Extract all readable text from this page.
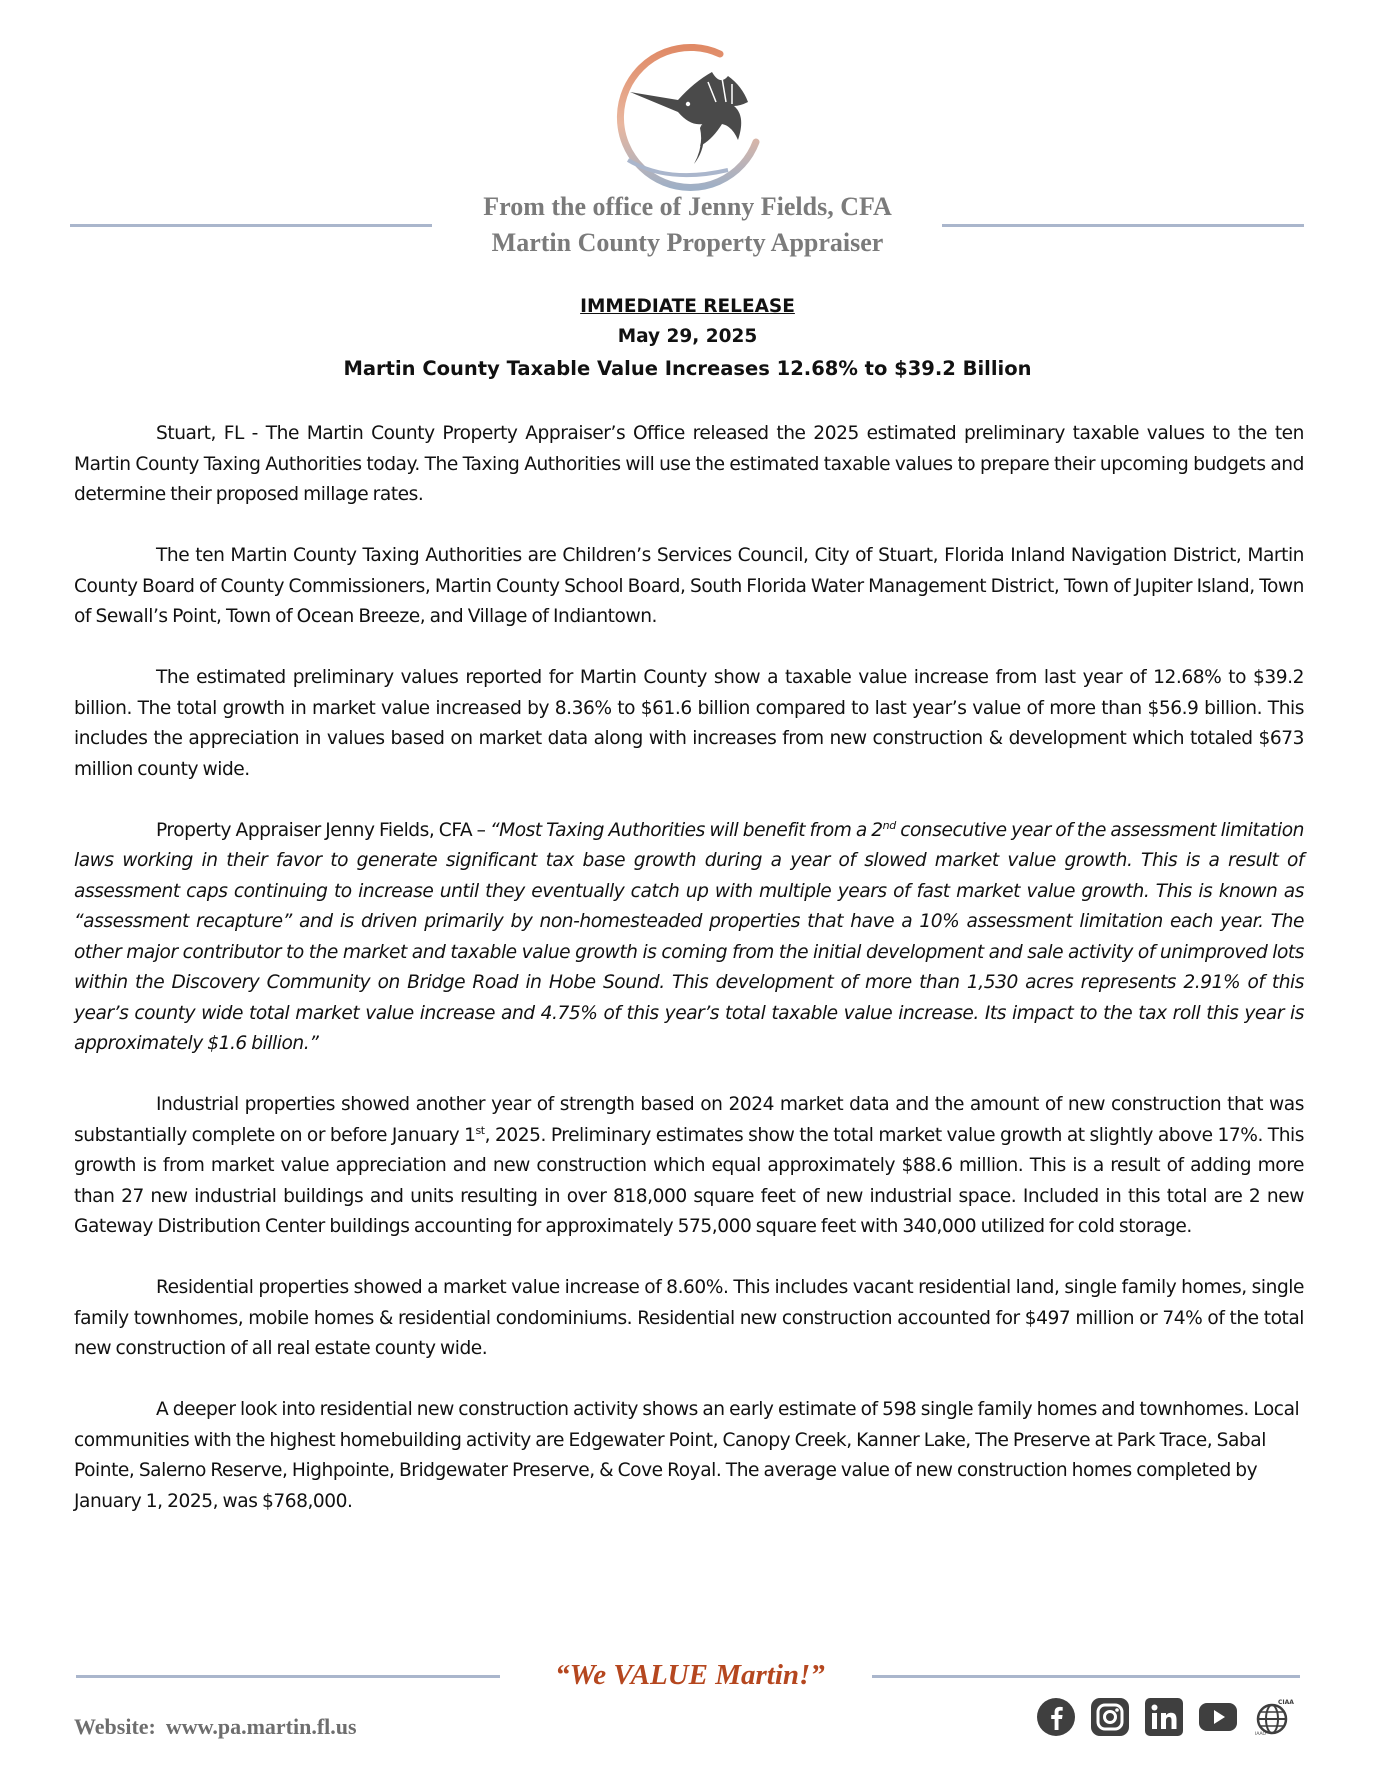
From the office of Jenny Fields, CFA
Martin County Property Appraiser
IMMEDIATE RELEASE
May 29, 2025
Martin County Taxable Value Increases 12.68% to $39.2 Billion

Stuart, FL - The Martin County Property Appraiser’s Office released the 2025 estimated preliminary taxable values to the ten Martin County Taxing Authorities today. The Taxing Authorities will use the estimated taxable values to prepare their upcoming budgets and determine their proposed millage rates.

The ten Martin County Taxing Authorities are Children’s Services Council, City of Stuart, Florida Inland Navigation District, Martin County Board of County Commissioners, Martin County School Board, South Florida Water Management District, Town of Jupiter Island, Town of Sewall’s Point, Town of Ocean Breeze, and Village of Indiantown.

The estimated preliminary values reported for Martin County show a taxable value increase from last year of 12.68% to $39.2 billion. The total growth in market value increased by 8.36% to $61.6 billion compared to last year’s value of more than $56.9 billion. This includes the appreciation in values based on market data along with increases from new construction & development which totaled $673 million county wide.

Property Appraiser Jenny Fields, CFA – “Most Taxing Authorities will benefit from a 2nd consecutive year of the assessment limitation laws working in their favor to generate significant tax base growth during a year of slowed market value growth. This is a result of assessment caps continuing to increase until they eventually catch up with multiple years of fast market value growth. This is known as “assessment recapture” and is driven primarily by non-homesteaded properties that have a 10% assessment limitation each year. The other major contributor to the market and taxable value growth is coming from the initial development and sale activity of unimproved lots within the Discovery Community on Bridge Road in Hobe Sound. This development of more than 1,530 acres represents 2.91% of this year’s county wide total market value increase and 4.75% of this year’s total taxable value increase. Its impact to the tax roll this year is approximately $1.6 billion.”

Industrial properties showed another year of strength based on 2024 market data and the amount of new construction that was substantially complete on or before January 1st, 2025. Preliminary estimates show the total market value growth at slightly above 17%. This growth is from market value appreciation and new construction which equal approximately $88.6 million. This is a result of adding more than 27 new industrial buildings and units resulting in over 818,000 square feet of new industrial space. Included in this total are 2 new Gateway Distribution Center buildings accounting for approximately 575,000 square feet with 340,000 utilized for cold storage.

Residential properties showed a market value increase of 8.60%. This includes vacant residential land, single family homes, single family townhomes, mobile homes & residential condominiums. Residential new construction accounted for $497 million or 74% of the total new construction of all real estate county wide.

A deeper look into residential new construction activity shows an early estimate of 598 single family homes and townhomes. Local communities with the highest homebuilding activity are Edgewater Point, Canopy Creek, Kanner Lake, The Preserve at Park Trace, Sabal Pointe, Salerno Reserve, Highpointe, Bridgewater Preserve, & Cove Royal. The average value of new construction homes completed by January 1, 2025, was $768,000.

“We VALUE Martin!”
Website: www.pa.martin.fl.us
CIAA
IAAO
